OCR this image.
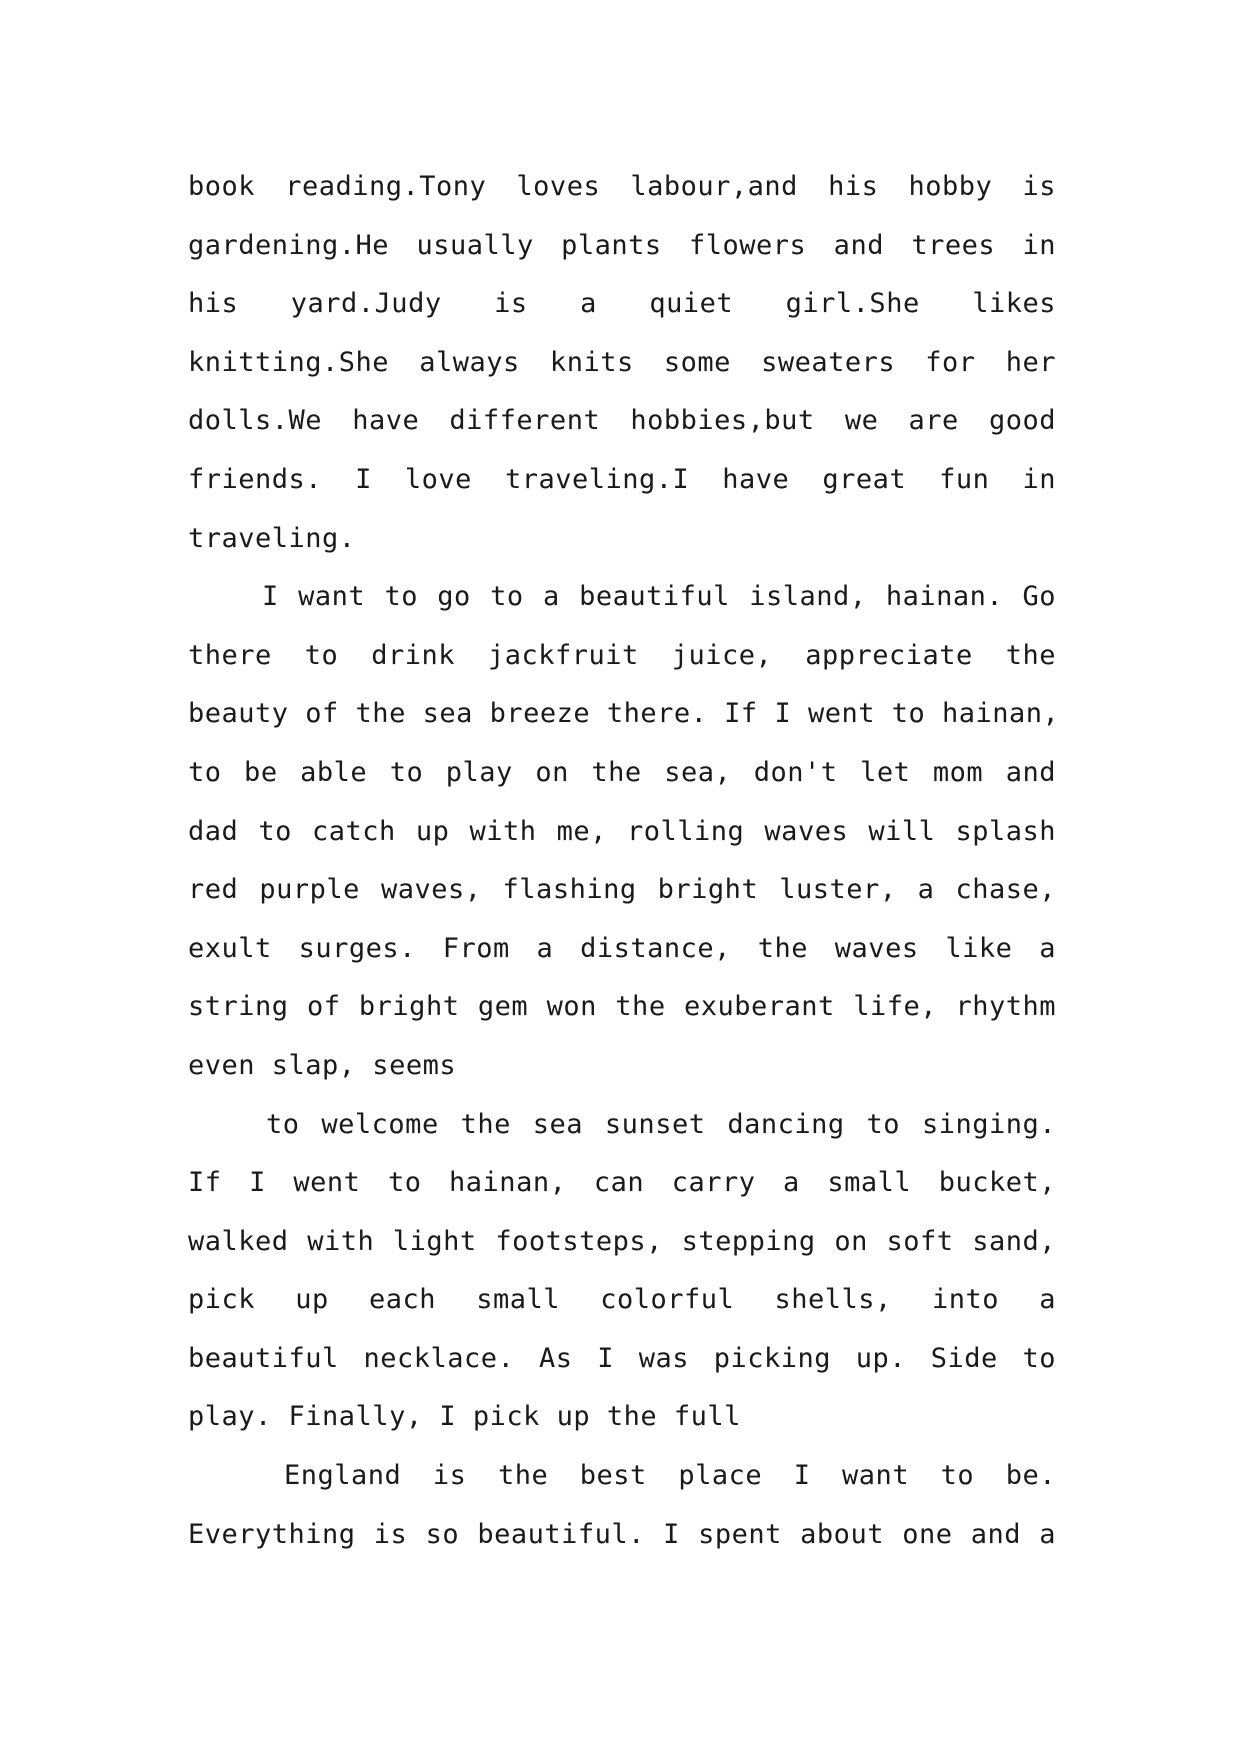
book reading.Tony loves labour,and his hobby is
gardening.He usually plants flowers and trees in
his yard.Judy is a quiet girl.She likes
knitting.She always knits some sweaters for her
dolls.We have different hobbies,but we are good
friends. I love traveling.I have great fun in
traveling.
I want to go to a beautiful island, hainan. Go
there to drink jackfruit juice, appreciate the
beauty of the sea breeze there. If I went to hainan,
to be able to play on the sea, don't let mom and
dad to catch up with me, rolling waves will splash
red purple waves, flashing bright luster, a chase,
exult surges. From a distance, the waves like a
string of bright gem won the exuberant life, rhythm
even slap, seems
to welcome the sea sunset dancing to singing.
If I went to hainan, can carry a small bucket,
walked with light footsteps, stepping on soft sand,
pick up each small colorful shells, into a
beautiful necklace. As I was picking up. Side to
play. Finally, I pick up the full
England is the best place I want to be.
Everything is so beautiful. I spent about one and a
